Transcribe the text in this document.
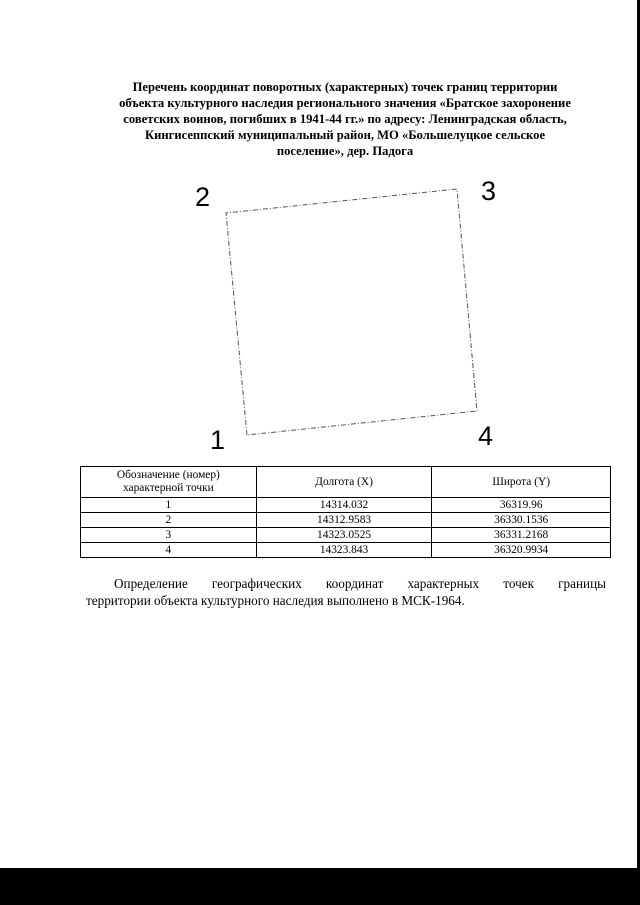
Перечень координат поворотных (характерных) точек границ территории
объекта культурного наследия регионального значения «Братское захоронение
советских воинов, погибших в 1941-44 гг.» по адресу: Ленинградская область,
Кингисеппский муниципальный район, МО «Большелуцкое сельское
поселение», дер. Падога
1
2	3
4
Обозначение (номер)
характерной точки	Долгота (X)	Широта (Y)
1	14314.032	36319.96
2	14312.9583	36330.1536
3	14323.0525	36331.2168
4	14323.843	36320.9934
Определение географических координат характерных точек границы
территории объекта культурного наследия выполнено в МСК-1964.
